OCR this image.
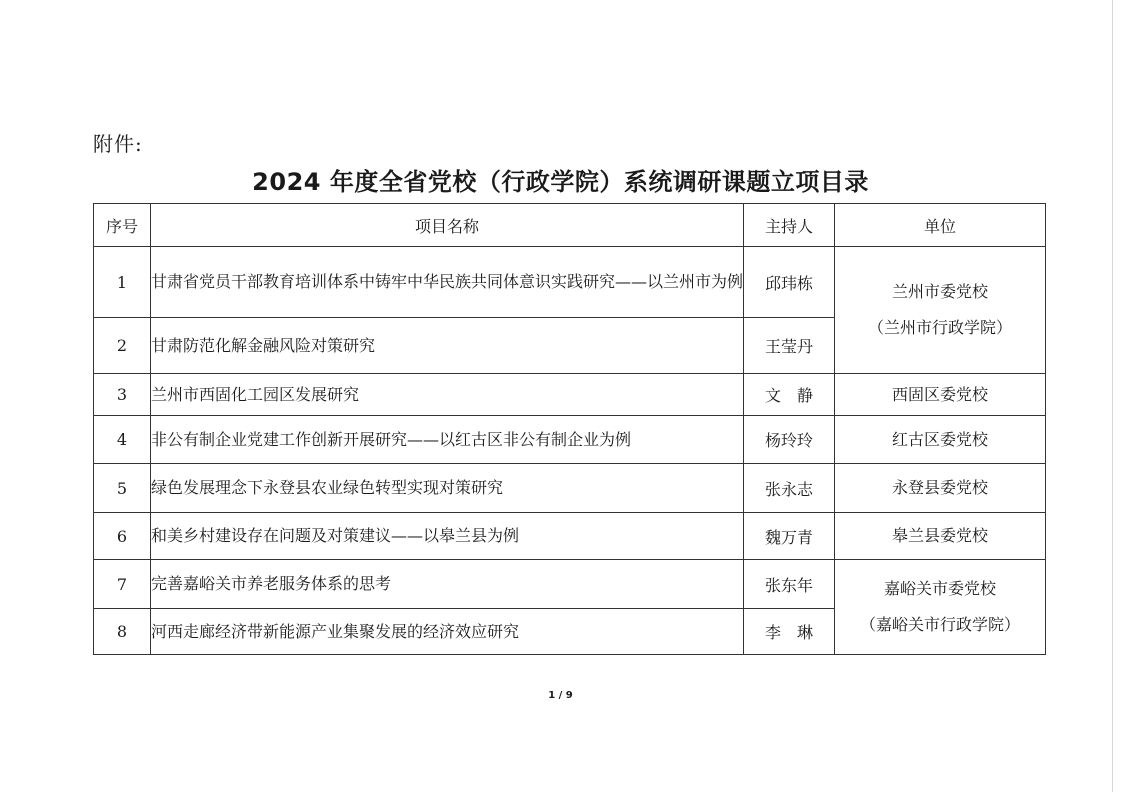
附件:
2024 年度全省党校（行政学院）系统调研课题立项目录
序号	项目名称	主持人	单位
1	甘肃省党员干部教育培训体系中铸牢中华民族共同体意识实践研究——以兰州市为例	邱玮栋	兰州市委党校
（兰州市行政学院）

2	甘肃防范化解金融风险对策研究	王莹丹	
3	兰州市西固化工园区发展研究	文　静	西固区委党校

4	非公有制企业党建工作创新开展研究——以红古区非公有制企业为例	杨玲玲	红古区委党校

5	绿色发展理念下永登县农业绿色转型实现对策研究	张永志	永登县委党校

6	和美乡村建设存在问题及对策建议——以皋兰县为例	魏万青	皋兰县委党校

7	完善嘉峪关市养老服务体系的思考	张东年	嘉峪关市委党校
（嘉峪关市行政学院）

8	河西走廊经济带新能源产业集聚发展的经济效应研究	李　琳	
1 / 9
